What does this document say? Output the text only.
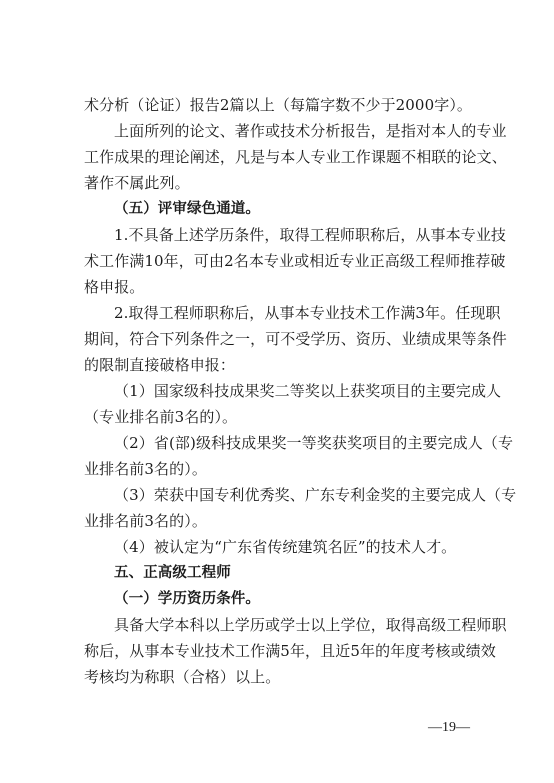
术分析（论证）报告2篇以上（每篇字数不少于2000字）。
上面所列的论文、著作或技术分析报告，是指对本人的专业
工作成果的理论阐述，凡是与本人专业工作课题不相联的论文、
著作不属此列。
（五）评审绿色通道。
1.不具备上述学历条件，取得工程师职称后，从事本专业技
术工作满10年，可由2名本专业或相近专业正高级工程师推荐破
格申报。
2.取得工程师职称后，从事本专业技术工作满3年。任现职
期间，符合下列条件之一，可不受学历、资历、业绩成果等条件
的限制直接破格申报：
（1）国家级科技成果奖二等奖以上获奖项目的主要完成人
（专业排名前3名的）。
（2）省(部)级科技成果奖一等奖获奖项目的主要完成人（专
业排名前3名的）。
（3）荣获中国专利优秀奖、广东专利金奖的主要完成人（专
业排名前3名的）。
（4）被认定为“广东省传统建筑名匠”的技术人才。
五、正高级工程师
（一）学历资历条件。
具备大学本科以上学历或学士以上学位，取得高级工程师职
称后，从事本专业技术工作满5年，且近5年的年度考核或绩效
考核均为称职（合格）以上。
—19—
